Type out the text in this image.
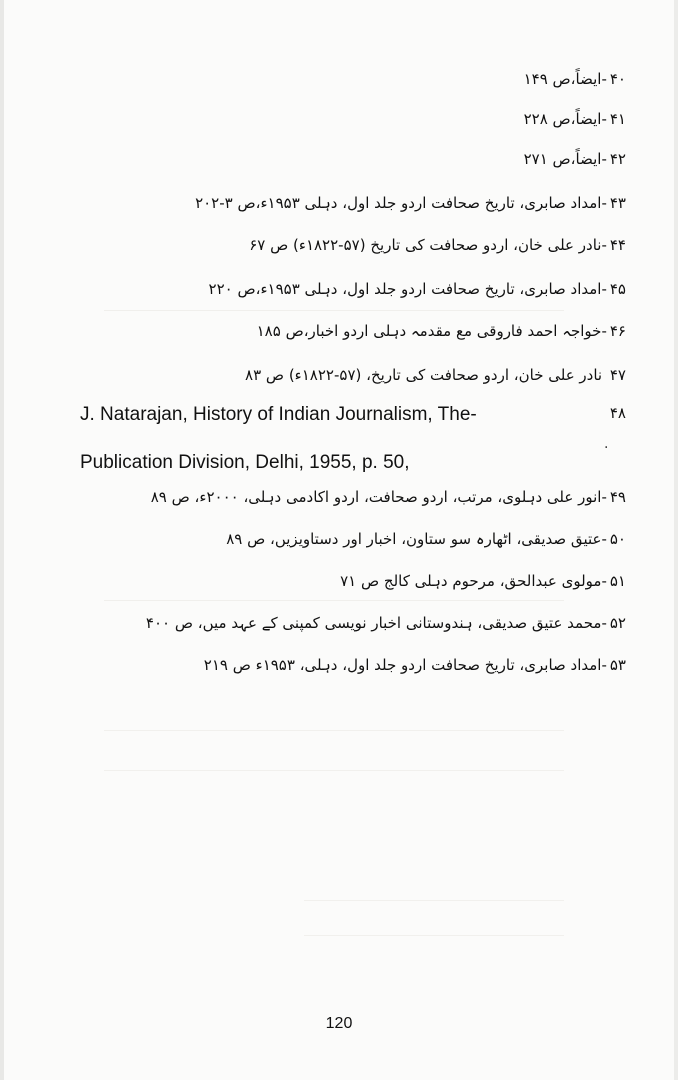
۴۰-ایضاً،ص ۱۴۹
۴۱-ایضاً،ص ۲۲۸
۴۲-ایضاً،ص ۲۷۱
۴۳-امداد صابری، تاریخ صحافت اردو جلد اول، دہلی ۱۹۵۳ء،ص ۳-۲۰۲
۴۴-نادر علی خان، اردو صحافت کی تاریخ (۵۷-۱۸۲۲ء) ص ۶۷
۴۵-امداد صابری، تاریخ صحافت اردو جلد اول، دہلی ۱۹۵۳ء،ص ۲۲۰
۴۶-خواجہ احمد فاروقی مع مقدمہ دہلی اردو اخبار،ص ۱۸۵
۴۷ نادر علی خان، اردو صحافت کی تاریخ، (۵۷-۱۸۲۲ء) ص ۸۳
۴۸
J. Natarajan, History of Indian Journalism, The-
.
Publication Division, Delhi, 1955, p. 50,
۴۹-انور علی دہلوی، مرتب، اردو صحافت، اردو اکادمی دہلی، ۲۰۰۰ء، ص ۸۹
۵۰-عتیق صدیقی، اٹھارہ سو ستاون، اخبار اور دستاویزیں، ص ۸۹
۵۱-مولوی عبدالحق، مرحوم دہلی کالج ص ۷۱
۵۲-محمد عتیق صدیقی، ہندوستانی اخبار نویسی کمپنی کے عہد میں، ص ۴۰۰
۵۳-امداد صابری، تاریخ صحافت اردو جلد اول، دہلی، ۱۹۵۳ء ص ۲۱۹
120
